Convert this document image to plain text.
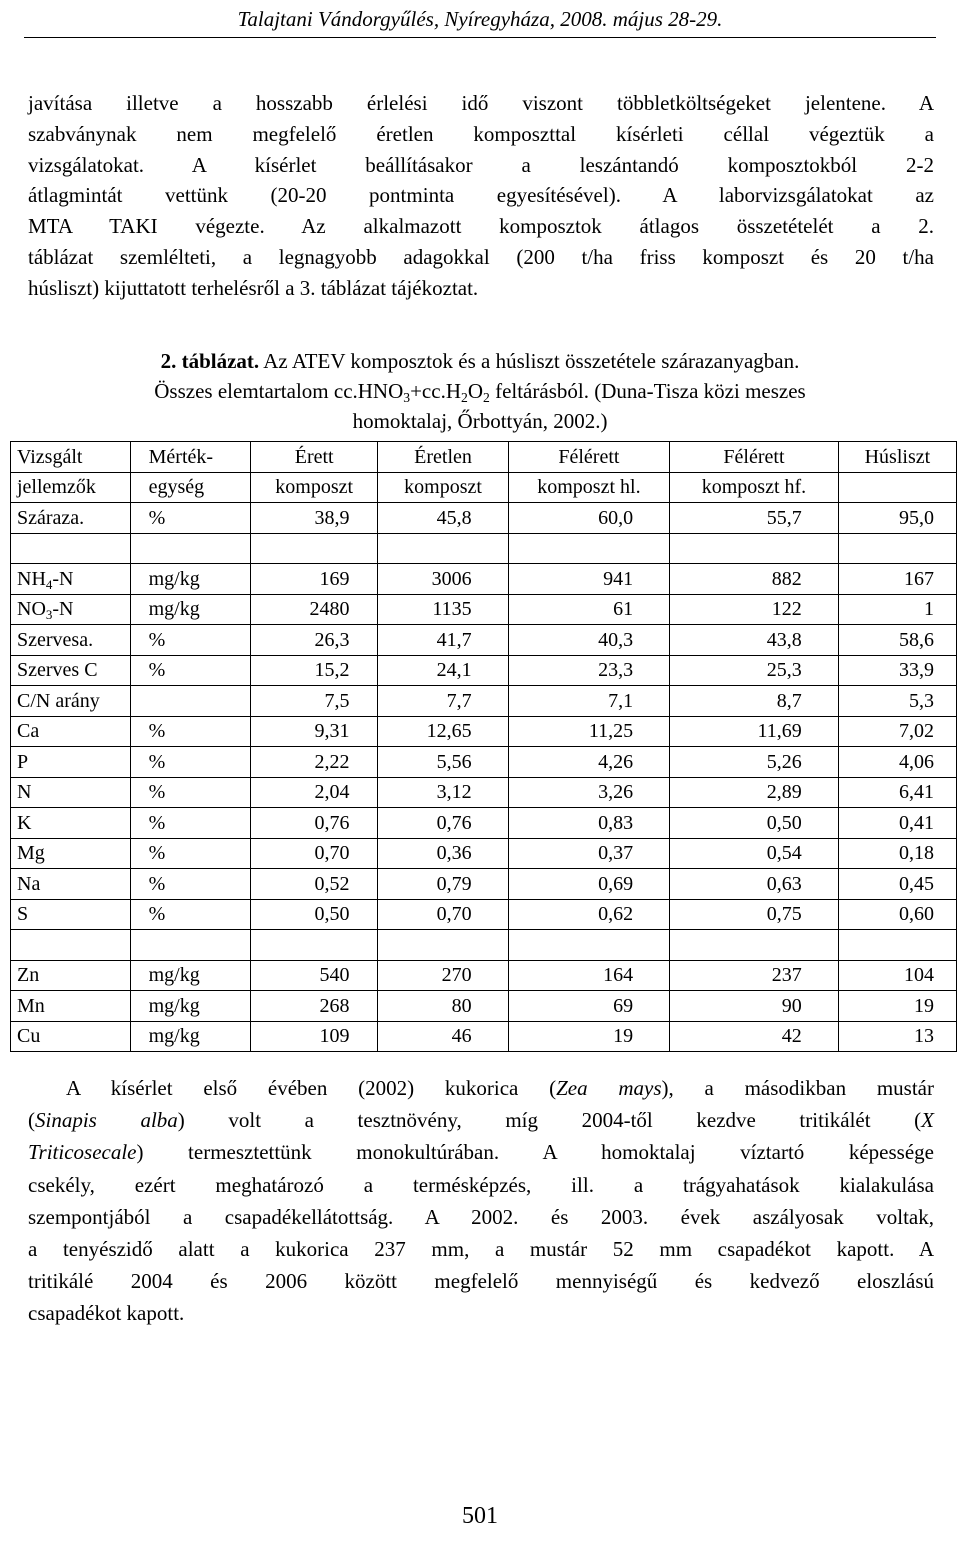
Talajtani Vándorgyűlés, Nyíregyháza, 2008. május 28-29.
javítása illetve a hosszabb érlelési idő viszont többletköltségeket jelentene. A
szabványnak nem megfelelő éretlen komposzttal kísérleti céllal végeztük a
vizsgálatokat. A kísérlet beállításakor a leszántandó komposztokból 2-2
átlagmintát vettünk (20-20 pontminta egyesítésével). A laborvizsgálatokat az
MTA TAKI végezte. Az alkalmazott komposztok átlagos összetételét a 2.
táblázat szemlélteti, a legnagyobb adagokkal (200 t/ha friss komposzt és 20 t/ha
húsliszt) kijuttatott terhelésről a 3. táblázat tájékoztat.
2. táblázat. Az ATEV komposztok és a húsliszt összetétele szárazanyagban.
Összes elemtartalom $cc.HNO_3+cc.H_2O_2$ feltárásból. (Duna-Tisza közi meszes
homoktalaj, Őrbottyán, 2002.)
Vizsgált	Mérték-	Érett	Éretlen	Félérett	Félérett	Húsliszt
jellemzők	egység	komposzt	komposzt	komposzt hl.	komposzt hf.	
Száraza.	%	38,9	45,8	60,0	55,7	95,0

$NH_4-N$	mg/kg	169	3006	941	882	167
$NO_3-N$	mg/kg	2480	1135	61	122	1
Szervesa.	%	26,3	41,7	40,3	43,8	58,6
Szerves C	%	15,2	24,1	23,3	25,3	33,9
C/N arány		7,5	7,7	7,1	8,7	5,3
Ca	%	9,31	12,65	11,25	11,69	7,02
P	%	2,22	5,56	4,26	5,26	4,06
N	%	2,04	3,12	3,26	2,89	6,41
K	%	0,76	0,76	0,83	0,50	0,41
Mg	%	0,70	0,36	0,37	0,54	0,18
Na	%	0,52	0,79	0,69	0,63	0,45
S	%	0,50	0,70	0,62	0,75	0,60

Zn	mg/kg	540	270	164	237	104
Mn	mg/kg	268	80	69	90	19
Cu	mg/kg	109	46	19	42	13
A kísérlet első évében (2002) kukorica (Zea mays), a másodikban mustár
(Sinapis alba) volt a tesztnövény, míg 2004-től kezdve tritikálét (X
Triticosecale) termesztettünk monokultúrában. A homoktalaj víztartó képessége
csekély, ezért meghatározó a termésképzés, ill. a trágyahatások kialakulása
szempontjából a csapadékellátottság. A 2002. és 2003. évek aszályosak voltak,
a tenyészidő alatt a kukorica 237 mm, a mustár 52 mm csapadékot kapott. A
tritikálé 2004 és 2006 között megfelelő mennyiségű és kedvező eloszlású
csapadékot kapott.
501
